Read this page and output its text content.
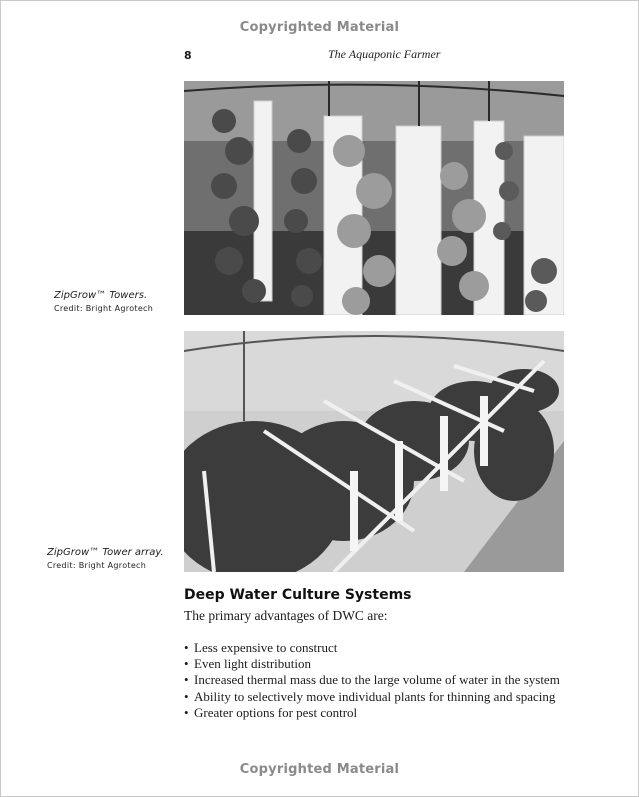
Copyrighted Material
8	The Aquaponic Farmer
ZipGrow™ Towers.
Credit: Bright Agrotech
ZipGrow™ Tower array.
Credit: Bright Agrotech
Deep Water Culture Systems
The primary advantages of DWC are:
• Less expensive to construct
• Even light distribution
• Increased thermal mass due to the large volume of water in the system
• Ability to selectively move individual plants for thinning and spacing
• Greater options for pest control
Copyrighted Material
